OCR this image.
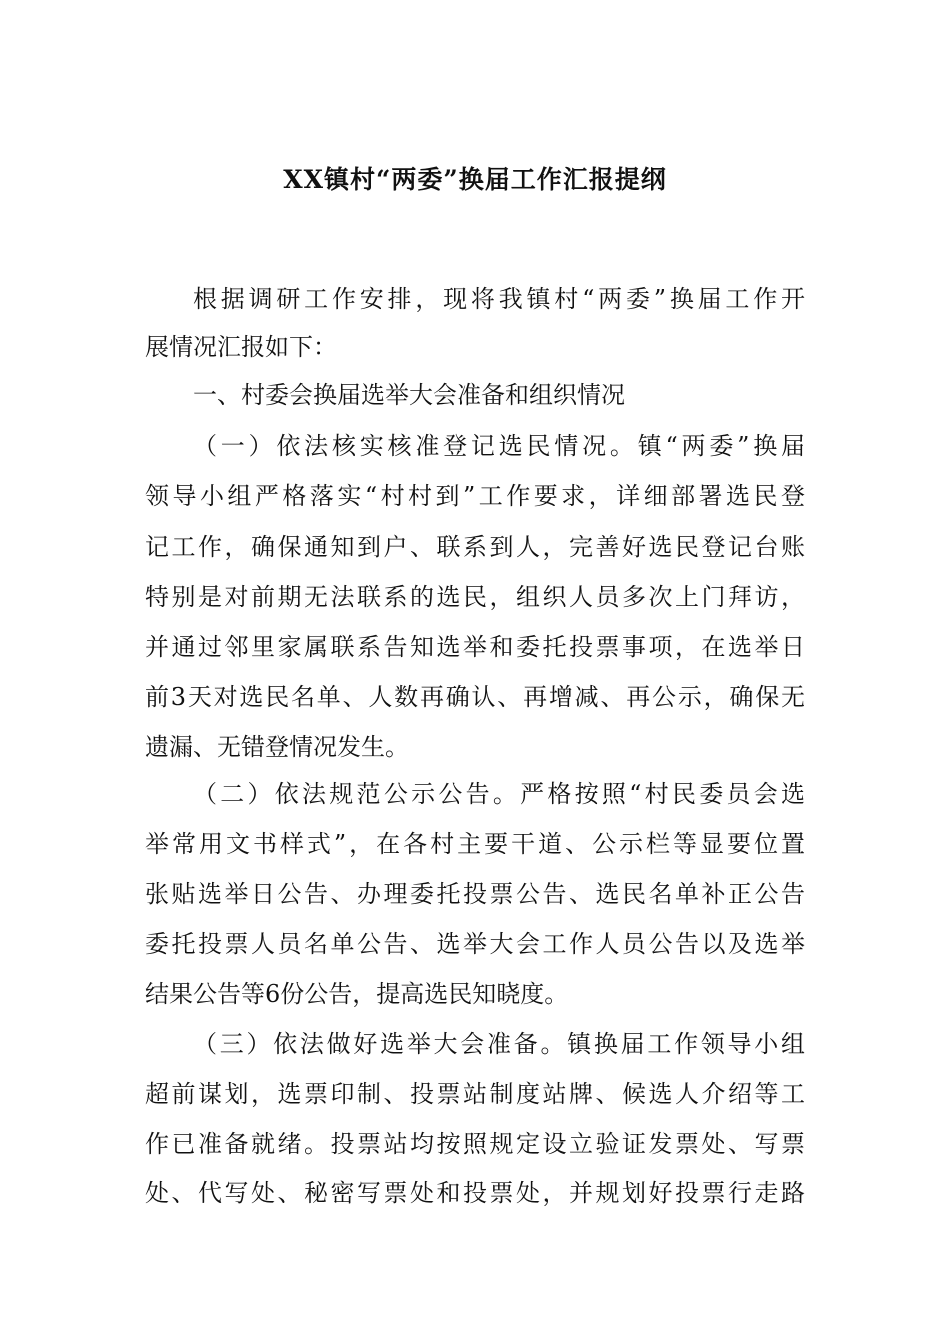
XX镇村“两委”换届工作汇报提纲
根据调研工作安排，现将我镇村“两委”换届工作开
展情况汇报如下：
一、村委会换届选举大会准备和组织情况
（一）依法核实核准登记选民情况。镇“两委”换届
领导小组严格落实“村村到”工作要求，详细部署选民登
记工作，确保通知到户、联系到人，完善好选民登记台账
特别是对前期无法联系的选民，组织人员多次上门拜访，
并通过邻里家属联系告知选举和委托投票事项，在选举日
前3天对选民名单、人数再确认、再增减、再公示，确保无
遗漏、无错登情况发生。
（二）依法规范公示公告。严格按照“村民委员会选
举常用文书样式”，在各村主要干道、公示栏等显要位置
张贴选举日公告、办理委托投票公告、选民名单补正公告
委托投票人员名单公告、选举大会工作人员公告以及选举
结果公告等6份公告，提高选民知晓度。
（三）依法做好选举大会准备。镇换届工作领导小组
超前谋划，选票印制、投票站制度站牌、候选人介绍等工
作已准备就绪。投票站均按照规定设立验证发票处、写票
处、代写处、秘密写票处和投票处，并规划好投票行走路
